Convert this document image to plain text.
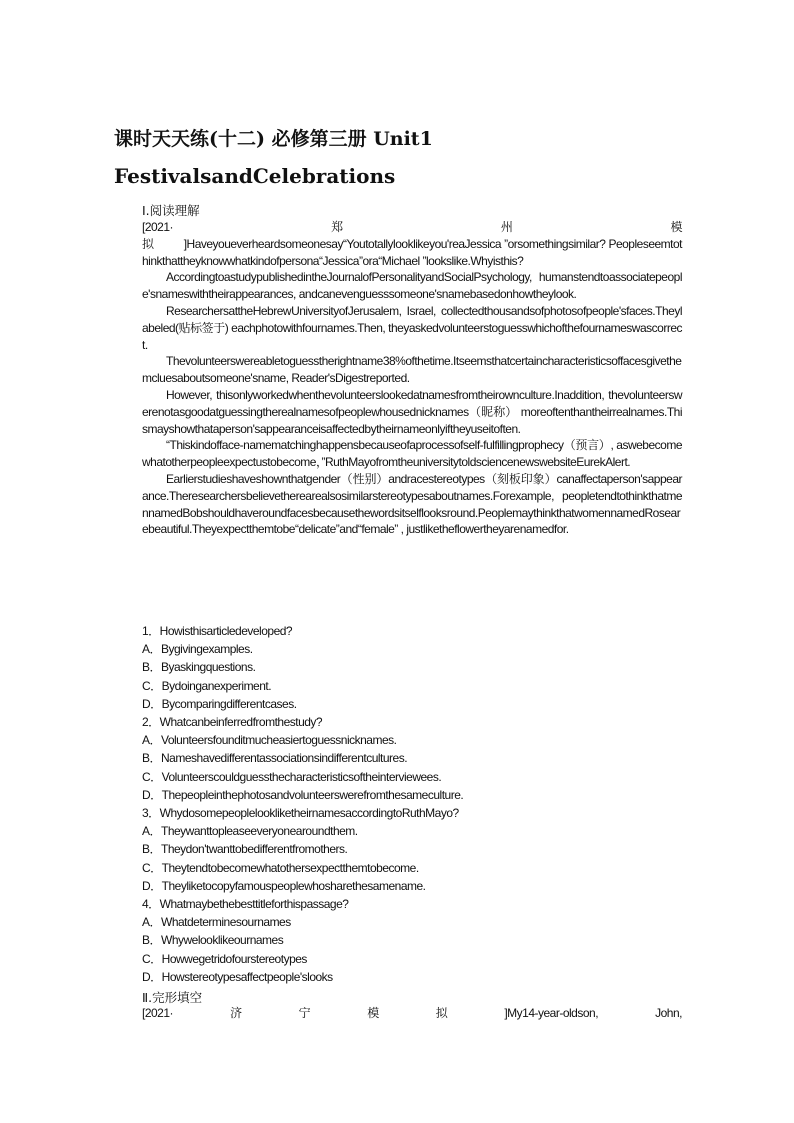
课时天天练(十二) 必修第三册 Unit1
FestivalsandCelebrations
Ⅰ.阅读理解
[2021·	郑	州	模

拟	]Haveyoueverheardsomeonesay“Youtotallylooklikeyou'reaJessica ”orsomethingsimilar? Peopleseemtothinkthattheyknowwhatkindofpersona“Jessica”ora“Michael ”lookslike.Whyisthis?

AccordingtoastudypublishedintheJournalofPersonalityandSocialPsychology, humanstendtoassociatepeople'snameswiththeirappearances, andcanevenguesssomeone'snamebasedonhowtheylook.

ResearchersattheHebrewUniversityofJerusalem, Israel, collectedthousandsofphotosofpeople'sfaces.Theylabeled(贴标签于) eachphotowithfournames.Then, theyaskedvolunteerstoguesswhichofthefournameswascorrect.

Thevolunteerswereabletoguesstherightname38%ofthetime.Itseemsthatcertaincharacteristicsoffacesgivethemcluesaboutsomeone'sname, Reader'sDigestreported.

However, thisonlyworkedwhenthevolunteerslookedatnamesfromtheirownculture.Inaddition, thevolunteerswerenotasgoodatguessingtherealnamesofpeoplewhousednicknames（昵称） moreoftenthantheirrealnames.Thismayshowthataperson'sappearanceisaffectedbytheirnameonlyiftheyuseitoften.

“Thiskindofface-namematchinghappensbecauseofaprocessofself-fulfillingprophecy（预言）, aswebecomewhatotherpeopleexpectustobecome，”RuthMayofromtheuniversitytoldsciencenewswebsiteEurekAlert.

Earlierstudieshaveshownthatgender（性别）andracestereotypes（刻板印象）canaffectaperson'sappearance.Theresearchersbelievetherearealsosimilarstereotypesaboutnames.Forexample, peopletendtothinkthatmennamedBobshouldhaveroundfacesbecausethewordsitselflooksround.PeoplemaythinkthatwomennamedRosearebeautiful.Theyexpectthemtobe“delicate”and“female” , justliketheflowertheyarenamedfor.

1．Howisthisarticledeveloped?

A．Bygivingexamples.

B．Byaskingquestions.

C．Bydoinganexperiment.

D．Bycomparingdifferentcases.

2．Whatcanbeinferredfromthestudy?

A．Volunteersfounditmucheasiertoguessnicknames.

B．Nameshavedifferentassociationsindifferentcultures.

C．Volunteerscouldguessthecharacteristicsoftheinterviewees.

D．Thepeopleinthephotosandvolunteerswerefromthesameculture.

3．WhydosomepeoplelookliketheirnamesaccordingtoRuthMayo?

A．Theywanttopleaseeveryonearoundthem.

B．Theydon'twanttobedifferentfromothers.

C．Theytendtobecomewhatothersexpectthemtobecome.

D．Theyliketocopyfamouspeoplewhosharethesamename.

4．Whatmaybethebesttitleforthispassage?

A．Whatdeterminesournames

B．Whywelooklikeournames

C．Howwegetridofourstereotypes

D．Howstereotypesaffectpeople'slooks

Ⅱ.完形填空
[2021·	济	宁	模	拟	]My14-year-oldson,	John,
